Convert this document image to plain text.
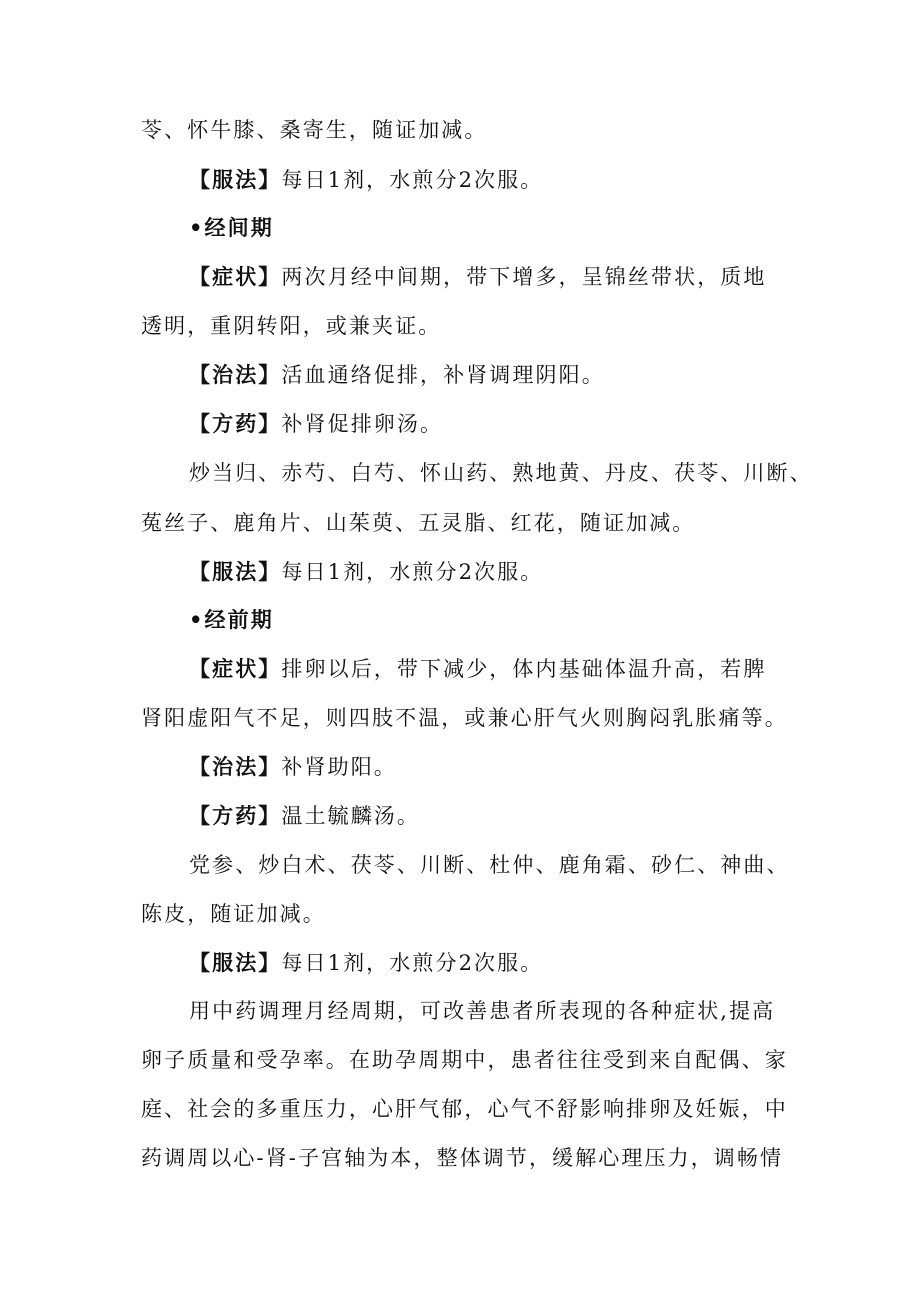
苓、怀牛膝、桑寄生，随证加减。
【服法】每日1剂，水煎分2次服。
•经间期
【症状】两次月经中间期，带下增多，呈锦丝带状，质地
透明，重阴转阳，或兼夹证。
【治法】活血通络促排，补肾调理阴阳。
【方药】补肾促排卵汤。
炒当归、赤芍、白芍、怀山药、熟地黄、丹皮、茯苓、川断、
菟丝子、鹿角片、山茱萸、五灵脂、红花，随证加减。
【服法】每日1剂，水煎分2次服。
•经前期
【症状】排卵以后，带下减少，体内基础体温升高，若脾
肾阳虚阳气不足，则四肢不温，或兼心肝气火则胸闷乳胀痛等。
【治法】补肾助阳。
【方药】温土毓麟汤。
党参、炒白术、茯苓、川断、杜仲、鹿角霜、砂仁、神曲、
陈皮，随证加减。
【服法】每日1剂，水煎分2次服。
用中药调理月经周期，可改善患者所表现的各种症状,提高
卵子质量和受孕率。在助孕周期中，患者往往受到来自配偶、家
庭、社会的多重压力，心肝气郁，心气不舒影响排卵及妊娠，中
药调周以心-肾-子宫轴为本，整体调节，缓解心理压力，调畅情
